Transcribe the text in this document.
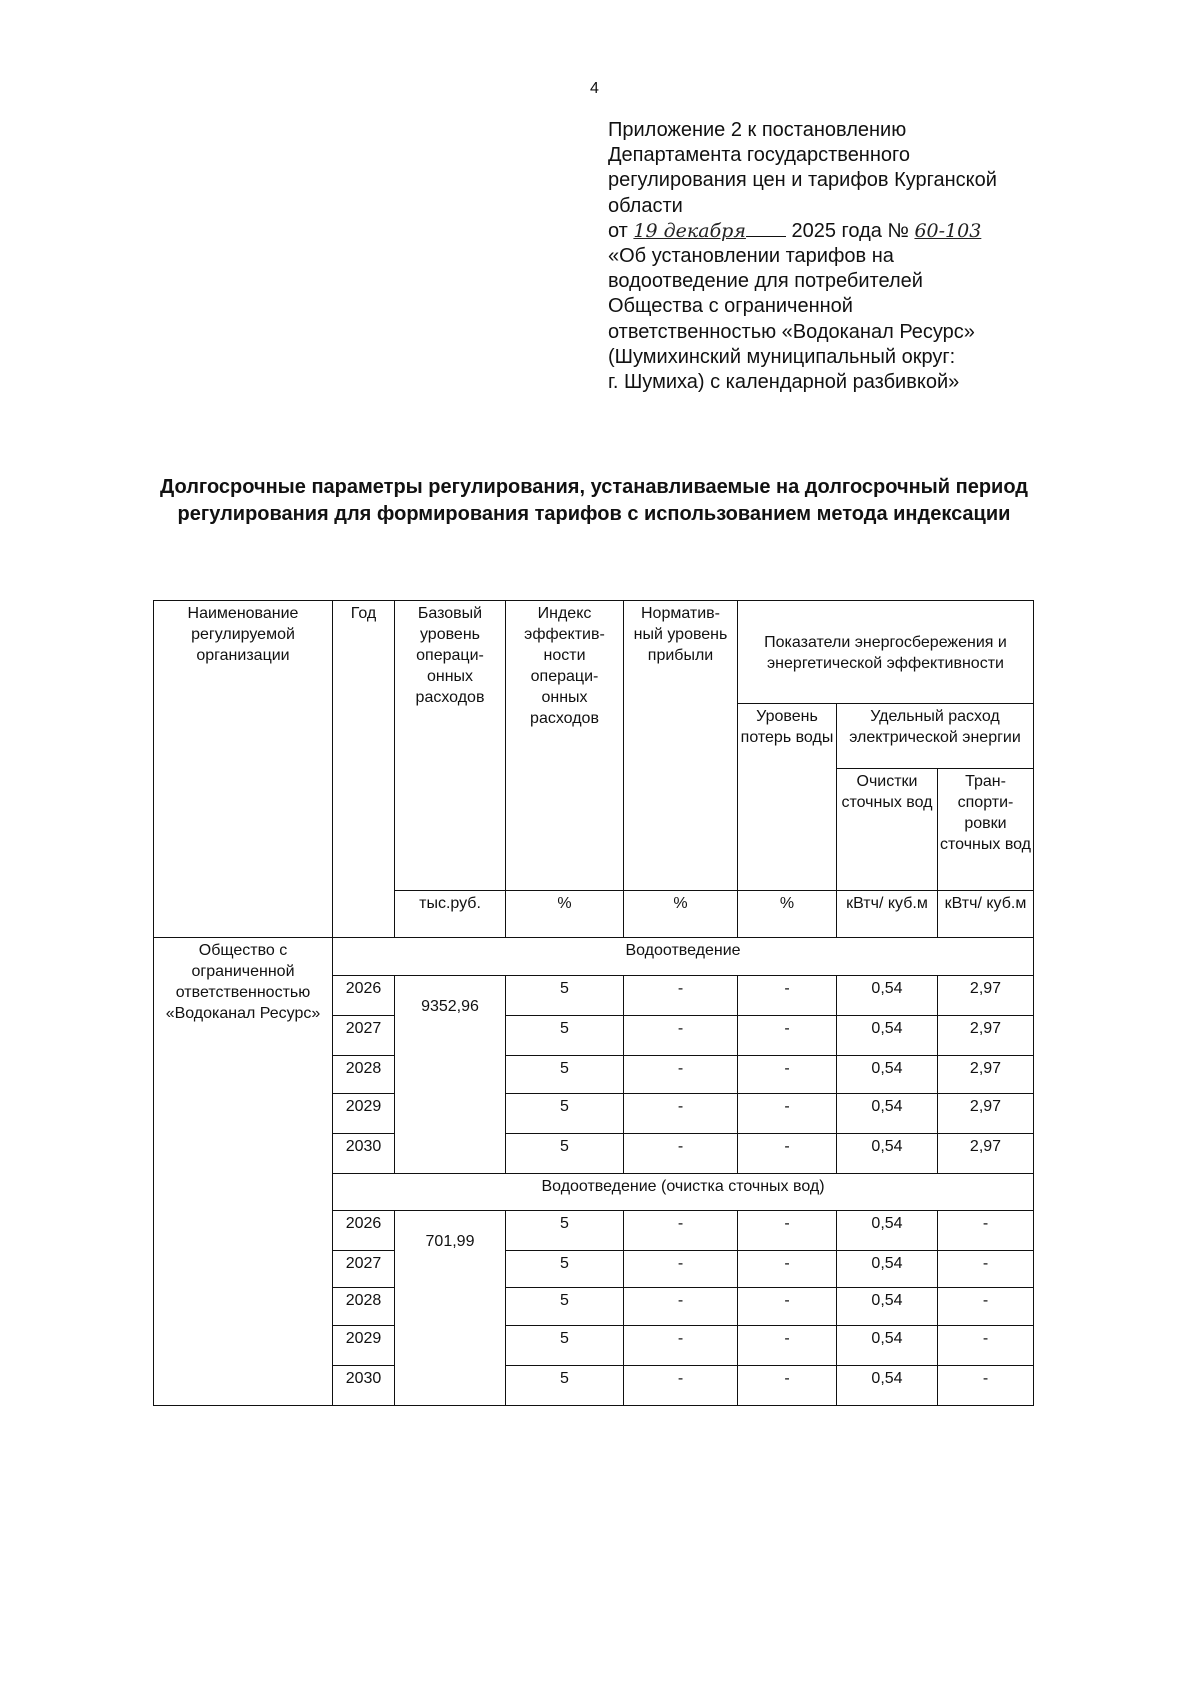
4
Приложение 2 к постановлению
Департамента государственного
регулирования цен и тарифов Курганской
области
от 19 декабря 2025 года № 60-103
«Об установлении тарифов на
водоотведение для потребителей
Общества с ограниченной
ответственностью «Водоканал Ресурс»
(Шумихинский муниципальный округ:
г. Шумиха) с календарной разбивкой»
Долгосрочные параметры регулирования, устанавливаемые на долгосрочный период регулирования для формирования тарифов с использованием метода индексации
Наименование регулируемой организации	Год	Базовый уровень операци- онных расходов	Индекс эффектив- ности операци- онных расходов	Норматив- ный уровень прибыли	Показатели энергосбережения и энергетической эффективности		
					Уровень потерь воды	Удельный расход электрической энергии	
						Очистки сточных вод	Тран- спорти- ровки сточных вод
		тыс.руб.	%	%	%	кВтч/ куб.м	кВтч/ куб.м
Общество с ограниченной ответственностью «Водоканал Ресурс»	Водоотведение						
	2026	9352,96	5	-	-	0,54	2,97
	2027		5	-	-	0,54	2,97
	2028		5	-	-	0,54	2,97
	2029		5	-	-	0,54	2,97
	2030		5	-	-	0,54	2,97
	Водоотведение (очистка сточных вод)						
	2026	701,99	5	-	-	0,54	-
	2027		5	-	-	0,54	-
	2028		5	-	-	0,54	-
	2029		5	-	-	0,54	-
	2030		5	-	-	0,54	-
